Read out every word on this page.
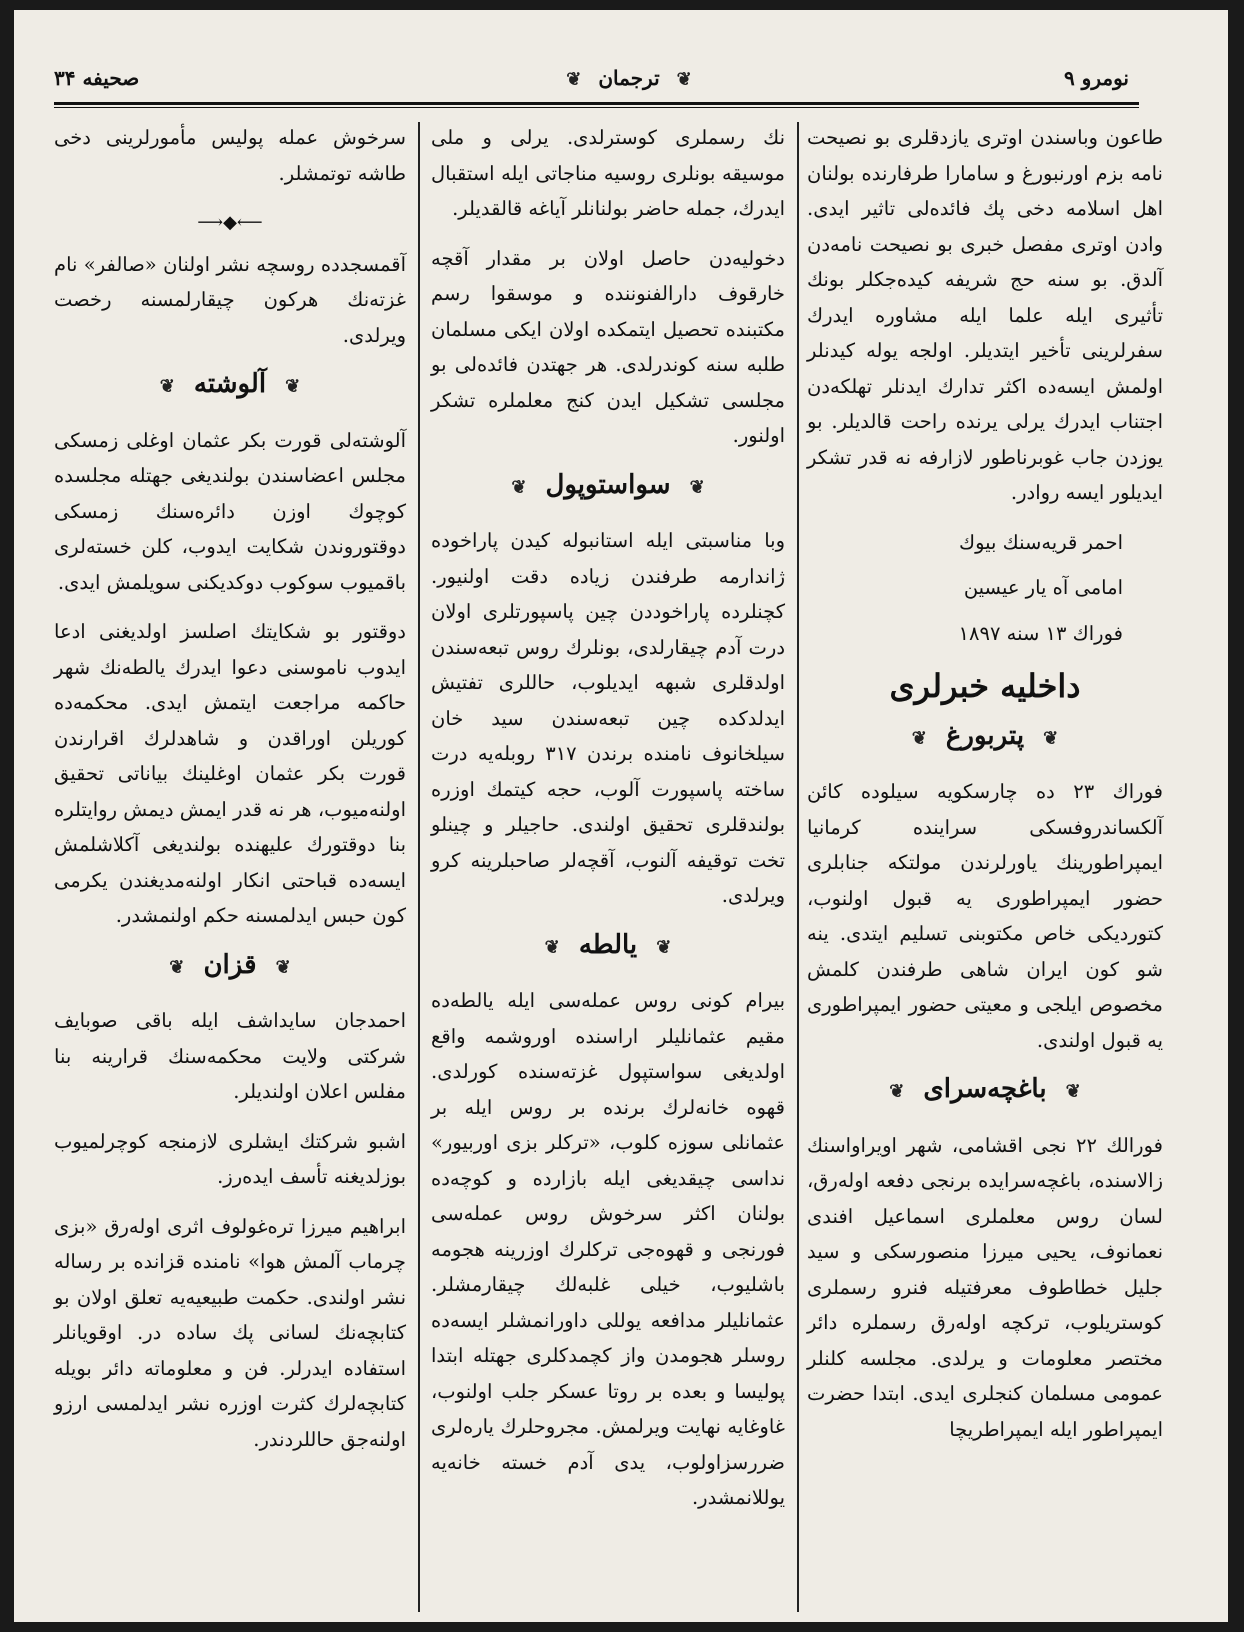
نومرو ۹
❦ ترجمان ❦
صحیفه ۳۴

طاعون وباسندن اوتری یازدقلری بو نصیحت نامه بزم اورنبورغ و سامارا طرفارنده بولنان اهل اسلامه دخی پك فائدەلی تاثیر ایدی. وادن اوتری مفصل خبری بو نصیحت نامەدن آلدق. بو سنه حج شریفه کیدەجکلر بونك تأثیری ایله علما ایله مشاوره ایدرك سفرلرینی تأخیر ایتدیلر. اولجه یوله کیدنلر اولمش ایسەده اکثر تدارك ایدنلر تهلکەدن اجتناب ایدرك یرلی یرنده راحت قالدیلر. بو یوزدن جاب غوبرناطور لازارفه نه قدر تشکر ایدیلور ایسه روادر.

احمر قریەسنك بیوك
امامی آه یار عیسین
فوراك ۱۳ سنه ۱۸۹۷
داخلیه خبرلری
❦ پتربورغ ❦

فوراك ۲۳ ده چارسکویه سیلوده کائن آلکساندروفسکی سرایندە کرمانیا ایمپراطورینك یاورلرندن مولتکه جنابلری حضور ایمپراطوری یه قبول اولنوب، کتوردیکی خاص مکتوبنی تسلیم ایتدی. ینه شو کون ایران شاهی طرفندن کلمش مخصوص ایلجی و معیتی حضور ایمپراطوری یه قبول اولندی.

❦ باغچەسرای ❦

فورالك ۲۲ نجی اقشامی، شهر اویراواسنك زالاسنده، باغچەسرایده برنجی دفعه اولەرق، لسان روس معلملری اسماعیل افندی نعمانوف، یحیی میرزا منصورسکی و سید جلیل خطاطوف معرفتیله فنرو رسملری کوستریلوب، ترکچه اولەرق رسملره دائر مختصر معلومات و یرلدی. مجلسه کلنلر عمومی مسلمان کنجلری ایدی. ابتدا حضرت ایمپراطور ایله ایمپراطریچا

نك رسملری کوسترلدی. یرلی و ملی موسیقه بونلری روسیه مناجاتی ایله استقبال ایدرك، جمله حاضر بولنانلر آیاغه قالقدیلر.

دخولیەدن حاصل اولان بر مقدار آقچه خارقوف دارالفنوننده و موسقوا رسم مکتبنده تحصیل ایتمکده اولان ایکی مسلمان طلبه سنه کوندرلدی. هر جهتدن فائدەلی بو مجلسی تشکیل ایدن کنج معلملره تشکر اولنور.

❦ سواستوپول ❦

وبا مناسبتی ایله استانبوله کیدن پاراخوده ژاندارمه طرفندن زیاده دقت اولنیور. کچنلرده پاراخوددن چین پاسپورتلری اولان درت آدم چیقارلدی، بونلرك روس تبعەسندن اولدقلری شبهه ایدیلوب، حاللری تفتیش ایدلدکده چین تبعەسندن سید خان سیلخانوف نامنده برندن ۳۱۷ روبلەیه درت ساخته پاسپورت آلوب، حجه کیتمك اوزره بولندقلری تحقیق اولندی. حاجیلر و چینلو تخت توقیفه آلنوب، آقچەلر صاحبلرینه کرو ویرلدی.

❦ یالطه ❦

بیرام کونی روس عملەسی ایله یالطەده مقیم عثمانلیلر اراسنده اوروشمه واقع اولدیغی سواستپول غزتەسنده کورلدی. قهوه خانەلرك برنده بر روس ایله بر عثمانلی سوزه کلوب، «ترکلر بزی اوربیور» نداسی چیقدیغی ایله بازارده و کوچەده بولنان اکثر سرخوش روس عملەسی فورنجی و قهوەجی ترکلرك اوزرینه هجومه باشلیوب، خیلی غلبەلك چیقارمشلر. عثمانلیلر مدافعه یوللی داورانمشلر ایسەده روسلر هجومدن واز کچمدکلری جهتله ابتدا پولیسا و بعده بر روتا عسکر جلب اولنوب، غاوغایه نهایت ویرلمش. مجروحلرك یارەلری ضررسزاولوب، یدی آدم خسته خانەیه یوللانمشدر.

سرخوش عمله پولیس مأمورلرینی دخی طاشه توتمشلر.

⟵◆⟶

آقمسجدده روسچه نشر اولنان «صالفر» نام غزتەنك هرکون چیقارلمسنه رخصت ویرلدی.

❦ آلوشته ❦

آلوشتەلی قورت بکر عثمان اوغلی زمسکی مجلس اعضاسندن بولندیغی جهتله مجلسده کوچوك اوزن دائرەسنك زمسکی دوقتوروندن شکایت ایدوب، کلن خستەلری باقمیوب سوکوب دوکدیکنی سویلمش ایدی.

دوقتور بو شکایتك اصلسز اولدیغنی ادعا ایدوب ناموسنی دعوا ایدرك یالطەنك شهر حاکمه مراجعت ایتمش ایدی. محکمەده کوریلن اوراقدن و شاهدلرك اقرارندن قورت بکر عثمان اوغلینك بیاناتی تحقیق اولنەمیوب، هر نه قدر ایمش دیمش روایتلره بنا دوقتورك علیهنده بولندیغی آکلاشلمش ایسەده قباحتی انکار اولنەمدیغندن یکرمی کون حبس ایدلمسنه حکم اولنمشدر.

❦ قزان ❦

احمدجان سایداشف ایله باقی صوبایف شرکتی ولایت محکمەسنك قرارینه بنا مفلس اعلان اولندیلر.

اشبو شرکتك ایشلری لازمنجه کوچرلمیوب بوزلدیغنه تأسف ایدەرز.

ابراهیم میرزا ترەغولوف اثری اولەرق «بزی چرماب آلمش هوا» نامنده قزانده بر رساله نشر اولندی. حکمت طبیعیەیه تعلق اولان بو کتابچەنك لسانی پك ساده در. اوقویانلر استفاده ایدرلر. فن و معلوماته دائر بویله کتابچەلرك کثرت اوزره نشر ایدلمسی ارزو اولنەجق حاللردندر.
